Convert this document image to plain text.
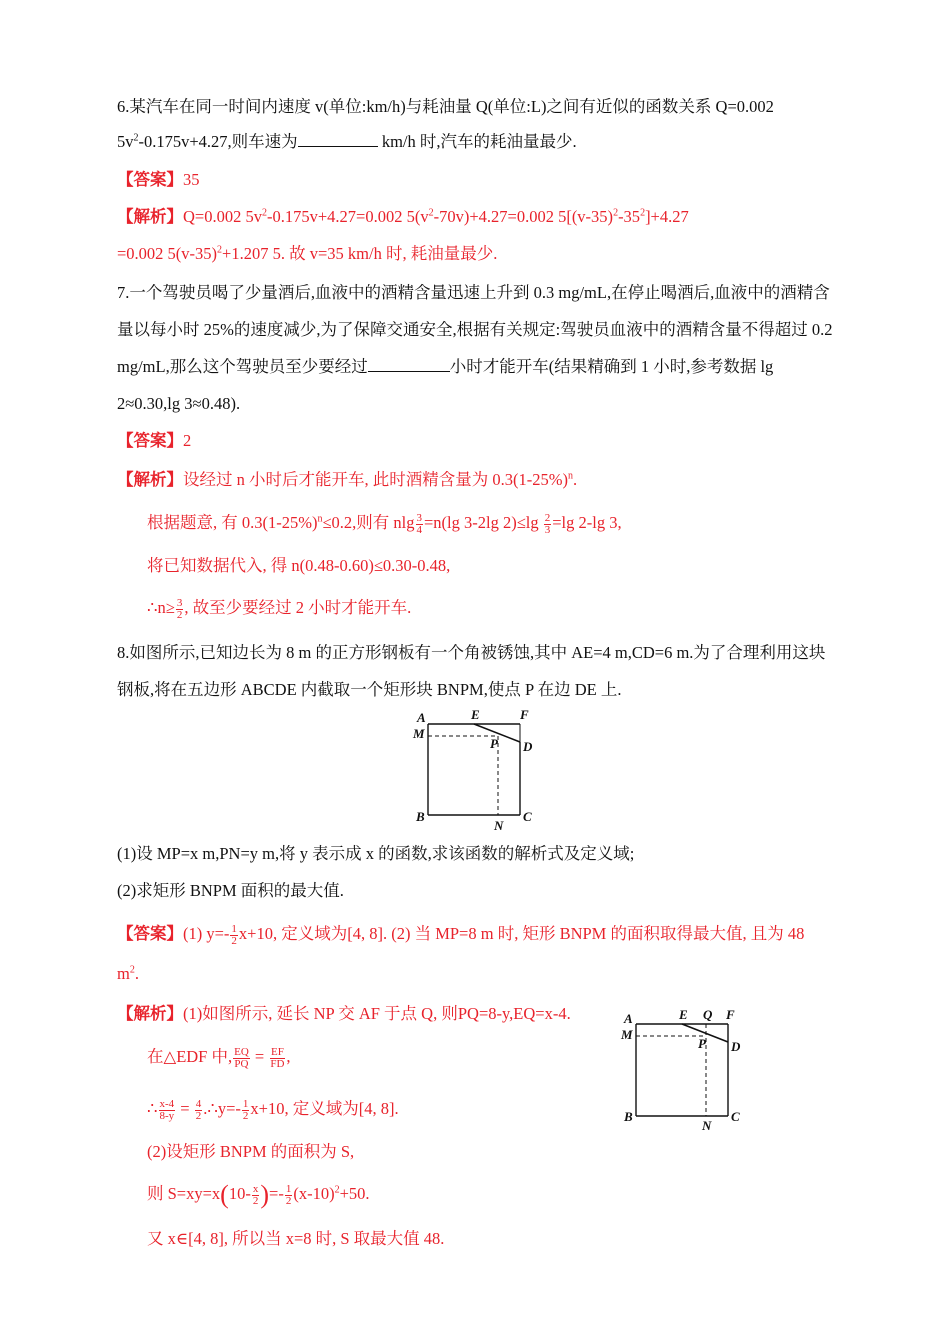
6.某汽车在同一时间内速度 v(单位:km/h)与耗油量 Q(单位:L)之间有近似的函数关系 Q=0.002
$5v^2-0.175v+4.27$,则车速为	km/h 时,汽车的耗油量最少.
【答案】35
【解析】Q=0.002 $5v^2-0.175v+4.27=0.002$ $5(v^2-70v)+4.27=0.002$ $5[(v-35)^2-35^2]+4.27$
=0.002 $5(v-35)^2+1.207$ 5. 故 v=35 km/h 时, 耗油量最少.
7.一个驾驶员喝了少量酒后,血液中的酒精含量迅速上升到 0.3 mg/mL,在停止喝酒后,血液中的酒精含
量以每小时 25%的速度减少,为了保障交通安全,根据有关规定:驾驶员血液中的酒精含量不得超过 0.2
mg/mL,那么这个驾驶员至少要经过	小时才能开车(结果精确到 1 小时,参考数据 lg
2≈0.30,lg 3≈0.48).
【答案】2
【解析】设经过 n 小时后才能开车, 此时酒精含量为 $0.3(1-25\%)^n$.
根据题意, 有 $0.3(1-25\%)^n\le 0.2$,则有 nlg $\frac{3}{4} =n(\lg$ 3-2lg $2)\le\lg \frac{2}{3} =\lg$ 2-lg 3,
将已知数据代入, 得 n(0.48-0.60)≤0.30-0.48,
∴n≥ $\frac{3}{2}$ , 故至少要经过 2 小时才能开车.
8.如图所示,已知边长为 8 m 的正方形钢板有一个角被锈蚀,其中 AE=4 m,CD=6 m.为了合理利用这块
钢板,将在五边形 ABCDE 内截取一个矩形块 BNPM,使点 P 在边 DE 上.
A	E	F
M
P D
B
N
C
(1)设 MP=x m,PN=y m,将 y 表示成 x 的函数,求该函数的解析式及定义域;
(2)求矩形 BNPM 面积的最大值.
【答案】(1) $y=- \frac{1}{2} x+10$, 定义域为[4, 8]. (2) 当 MP=8 m 时, 矩形 BNPM 的面积取得最大值, 且为 48
$m^2$.
【解析】(1)如图所示, 延长 NP 交 AF 于点 Q, 则PQ=8-y,EQ=x-4.
在△EDF 中, $\frac{EQ}{PQ} = \frac{EF}{FD}$ ,
∴ $\frac{x-4}{8-y} = \frac{4}{2}$ .∴y=- $\frac{1}{2} x+10$, 定义域为[4, 8].
(2)设矩形 BNPM 的面积为 S,
则 $S=xy=x(10- \frac{x}{2}$ )=- $\frac{1}{2} (x-10)^2+50$.
又 x∈[4, 8], 所以当 x=8 时, S 取最大值 48.
A	E Q F
M
P D
B
N
C
